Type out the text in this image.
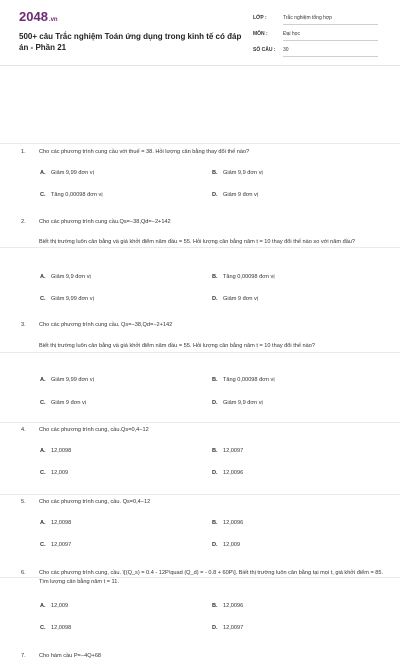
2048.vn
500+ câu Trắc nghiệm Toán ứng dụng trong kinh tế có đáp án - Phần 21
LỚP :	Trắc nghiệm tổng hợp
MÔN :	Đại học
SỐ CÂU : 30
1. Cho các phương trình cung cầu với thuế = 38. Hỏi lượng cân bằng thay đổi thế nào?
A. Giảm 9,99 đơn vị	B. Giảm 9,9 đơn vị
C. Tăng 0,00098 đơn vị	D. Giảm 9 đơn vị
2. Cho các phương trình cung cầu.Qs=−38,Qd=−2+142
Biết thị trường luôn cân bằng và giá khởi điểm năm đầu = 55. Hỏi lượng cân bằng năm t = 10 thay đổi thế nào so với năm đầu?
A. Giảm 9,9 đơn vị	B. Tăng 0,00098 đơn vị
C. Giảm 9,99 đơn vị	D. Giảm 9 đơn vị
3. Cho các phương trình cung cầu. Qs=−38,Qd=−2+142
Biết thị trường luôn cân bằng và giá khởi điểm năm đầu = 55. Hỏi lượng cân bằng năm t = 10 thay đổi thế nào?
A. Giảm 9,99 đơn vị	B. Tăng 0,00098 đơn vị
C. Giảm 9 đơn vị	D. Giảm 9,9 đơn vị
4. Cho các phương trình cung, cầu.Qs=0,4−12
A. 12,0098	B. 12,0097
C. 12,009	D. 12,0096
5. Cho các phương trình cung, cầu. Qs=0,4−12
A. 12,0098	B. 12,0096
C. 12,0097	D. 12,009
6. Cho các phương trình cung, cầu. \[(Q_s) = 0.4 - 12P\quad (Q_d) = - 0.8 + 60P\]. Biết thị trường luôn cân bằng tại mọi t, giá khởi điểm = 85. Tìm lượng cân bằng năm t = 11.
A. 12,009	B. 12,0096
C. 12,0098	D. 12,0097
7. Cho hàm cầu P=−4Q+68
